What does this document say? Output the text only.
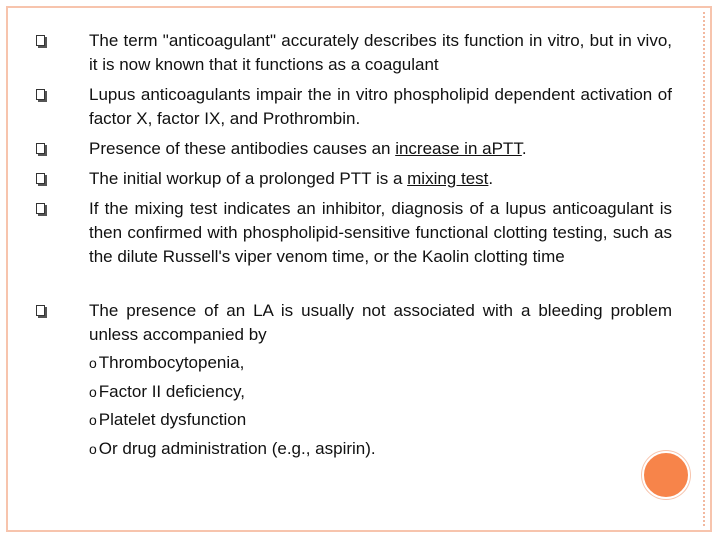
The term "anticoagulant" accurately describes its function in vitro, but in vivo, it is now known that it functions as a coagulant

Lupus anticoagulants impair the in vitro phospholipid dependent activation of factor X, factor IX, and Prothrombin.

Presence of these antibodies causes an increase in aPTT.

The initial workup of a prolonged PTT is a mixing test.

If the mixing test indicates an inhibitor, diagnosis of a lupus anticoagulant is then confirmed with phospholipid-sensitive functional clotting testing, such as the dilute Russell's viper venom time, or the Kaolin clotting time

The presence of an LA is usually not associated with a bleeding problem unless accompanied by

o Thrombocytopenia,

o Factor II deficiency,

o Platelet dysfunction

o Or drug administration (e.g., aspirin).
